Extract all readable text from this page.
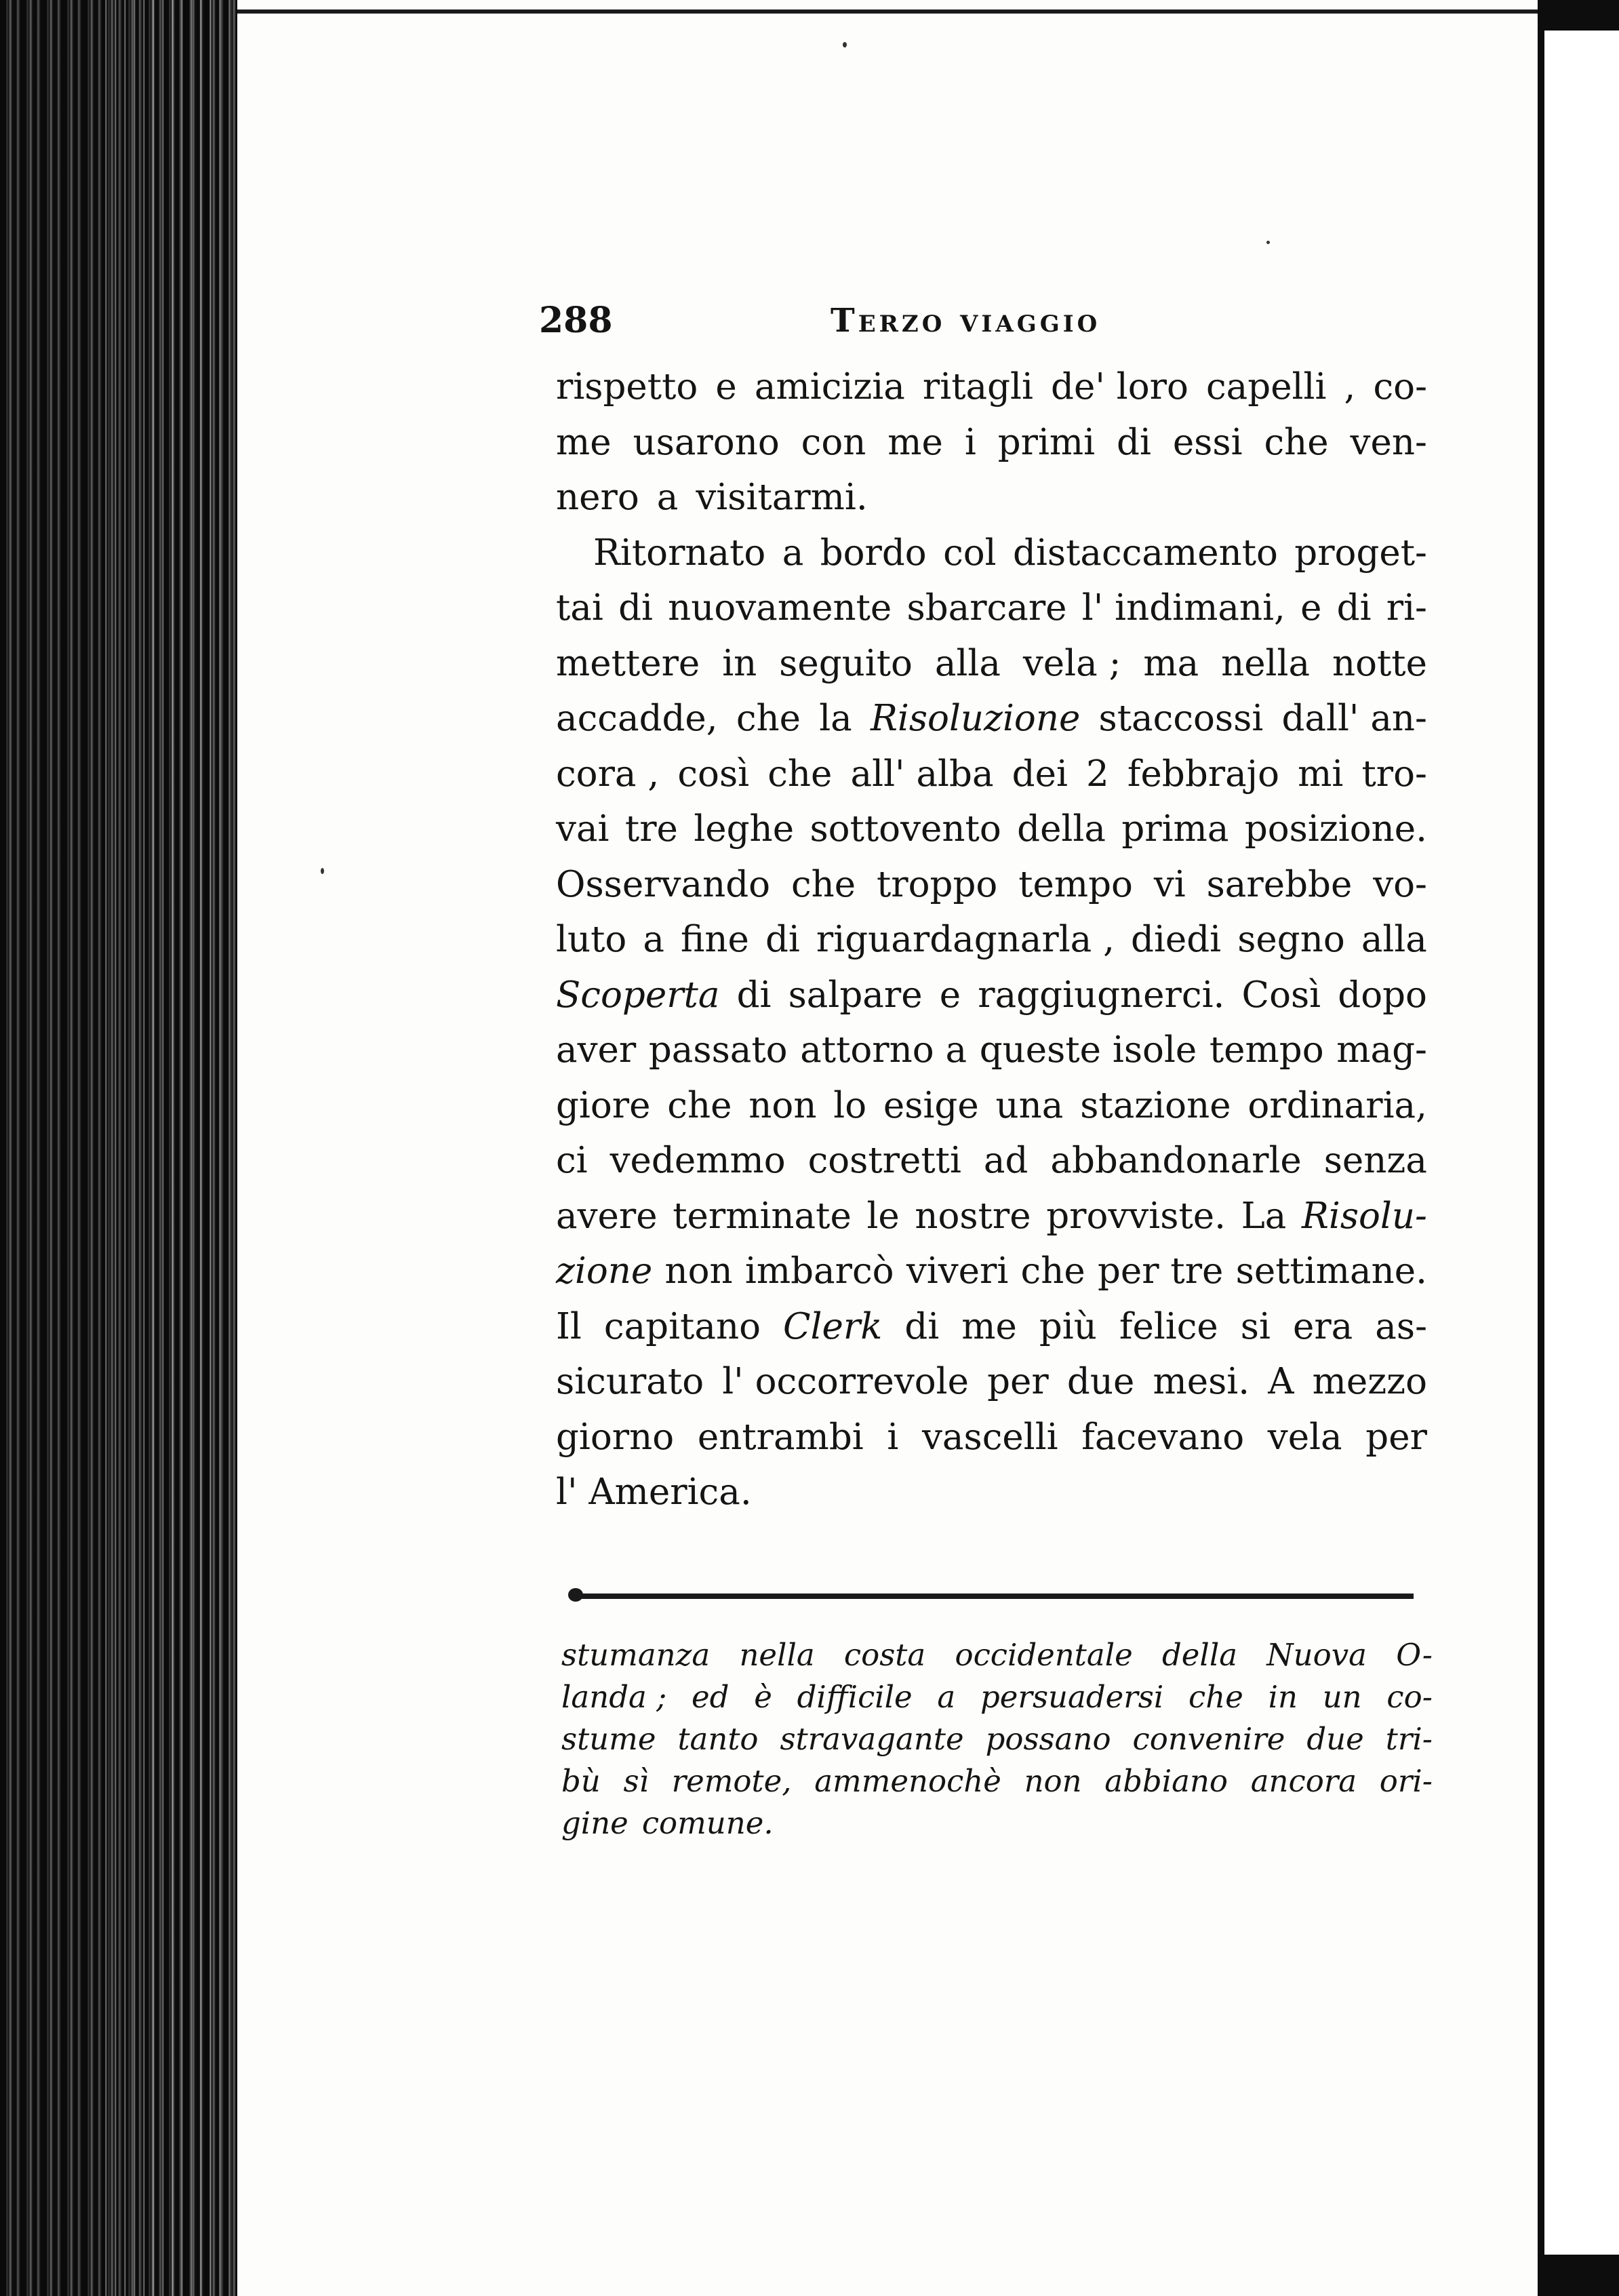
288	Terzo viaggio
rispetto e amicizia ritagli de' loro capelli , co-
me usarono con me i primi di essi che ven-
nero a visitarmi.
Ritornato a bordo col distaccamento proget-
tai di nuovamente sbarcare l' indimani, e di ri-
mettere in seguito alla vela ; ma nella notte
accadde, che la Risoluzione staccossi dall' an-
cora , così che all' alba dei 2 febbrajo mi tro-
vai tre leghe sottovento della prima posizione.
Osservando che troppo tempo vi sarebbe vo-
luto a fine di riguardagnarla , diedi segno alla
Scoperta di salpare e raggiugnerci. Così dopo
aver passato attorno a queste isole tempo mag-
giore che non lo esige una stazione ordinaria,
ci vedemmo costretti ad abbandonarle senza
avere terminate le nostre provviste. La Risolu-
zione non imbarcò viveri che per tre settimane.
Il capitano Clerk di me più felice si era as-
sicurato l' occorrevole per due mesi. A mezzo
giorno entrambi i vascelli facevano vela per
l' America.
stumanza nella costa occidentale della Nuova O-
landa ; ed è difficile a persuadersi che in un co-
stume tanto stravagante possano convenire due tri-
bù sì remote, ammenochè non abbiano ancora ori-
gine comune.
